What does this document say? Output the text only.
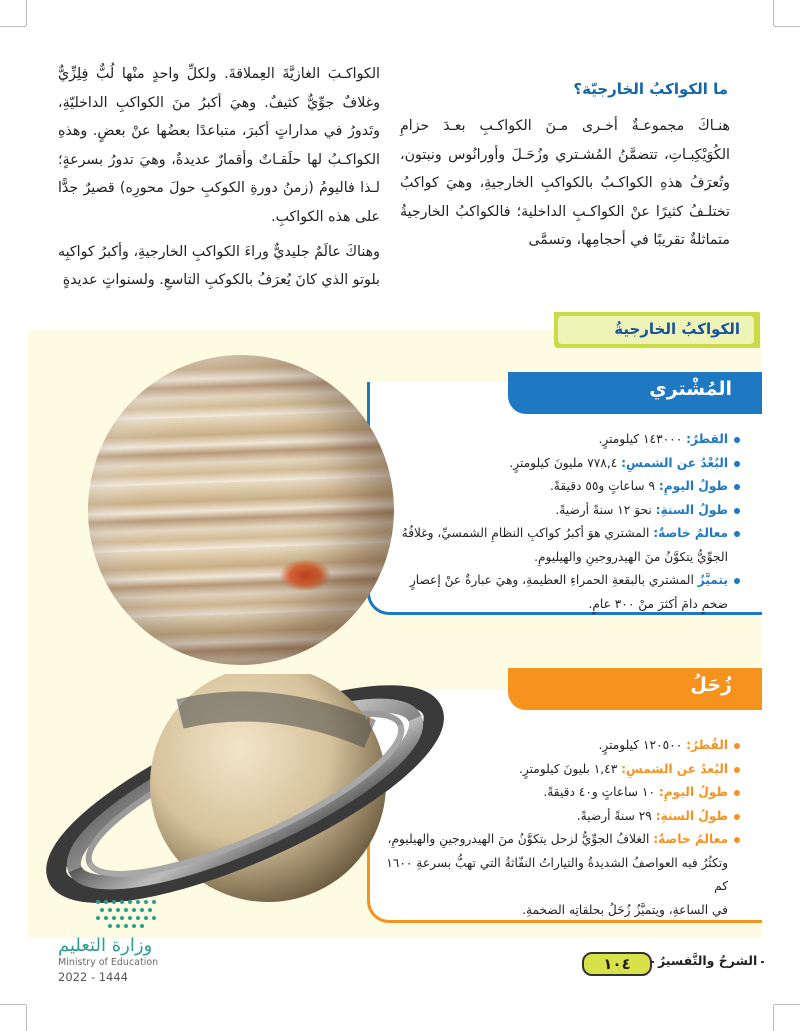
ما الكواكبُ الخارجيّة؟

هنـاكَ مجموعـةٌ أخـرى مـنَ الكواكـبِ بعـدَ حزامِ الكُوَيْكِبـاتِ، تتضمَّنُ المُشـتري وزُحَـلَ وأورانُوس ونبتون، وتُعرَفُ هذهِ الكواكـبُ بالكواكبِ الخارجيةِ، وهيَ كواكبُ تختلـفُ كثيرًا عنْ الكواكـبِ الداخلية؛ فالكواكبُ الخارجيةُ متماثلةٌ تقريبًا في أحجامِها، وتسمَّى

الكواكـبَ الغازيَّةَ العِملاقةَ. ولكلِّ واحدٍ منْها لُبٌّ فِلِزِّيٌّ وغلافٌ جوِّيٌّ كثيفٌ. وهيَ أكبرُ منَ الكواكبِ الداخليّةِ، وتَدورُ في مداراتٍ أكبرَ، متباعدًا بعضُها عنْ بعضٍ. وهذهِ الكواكـبُ لها حلَقـاتٌ وأقمارٌ عديدةٌ، وهيَ تدورُ بسرعةٍ؛ لـذا فاليومُ (زمنُ دورةِ الكوكبِ حولَ محورِه) قصيرٌ جدًّا على هذه الكواكبِ.

وهناكَ عالَمٌ جليديٌّ وراءَ الكواكبِ الخارجيةِ، وأكبرُ كواكبِه بلوتو الذي كانَ يُعرَفُ بالكوكبِ التاسعِ. ولسنواتٍ عديدةٍ

الكواكبُ الخارجيةُ
المُشْتري
القطرُ: ١٤٣٠٠٠ كيلومترٍ.
البُعْدُ عن الشمسِ: ٧٧٨,٤ مليونَ كيلومترٍ.
طولُ اليومِ: ٩ ساعاتٍ و٥٥ دقيقةً.
طولُ السنةِ: نحوَ ١٢ سنةً أرضيةً.
معالمُ خاصةٌ: المشتري هوَ أكبرُ كواكبِ النظامِ الشمسيِّ، وغلافُهُ
الجوِّيُّ يتكوَّنُ منَ الهيدروجينِ والهيليومِ.
يتميَّزُ المشتري بالبقعةِ الحمراءِ العظيمةِ، وهيَ عبارةٌ عنْ إعصارٍ
ضخمٍ دامَ أكثرَ منْ ٣٠٠ عامٍ.
زُحَلُ
القُطرُ: ١٢٠٥٠٠ كيلومترٍ.
البُعدُ عن الشمسِ: ١,٤٣ بليونَ كيلومترٍ.
طولُ اليومِ: ١٠ ساعاتٍ و٤٠ دقيقةً.
طولُ السنةِ: ٢٩ سنةً أرضيةً.
معالمُ خاصةٌ: الغلافُ الجوِّيُّ لزحل يتكوَّنُ منَ الهيدروجينِ والهيليومِ،
وتكثُرُ فيه العواصفُ الشديدةُ والتياراتُ النفّاثةُ التي تهبُّ بسرعةِ ١٦٠٠ كم
في الساعةِ، ويتميَّزُ زُحَلُ بحلقاتِه الضخمةِ.
وزارة التعليم
Ministry of Education
2022 - 1444
١٠٤	الشرحُ والتَّفسيرُ
